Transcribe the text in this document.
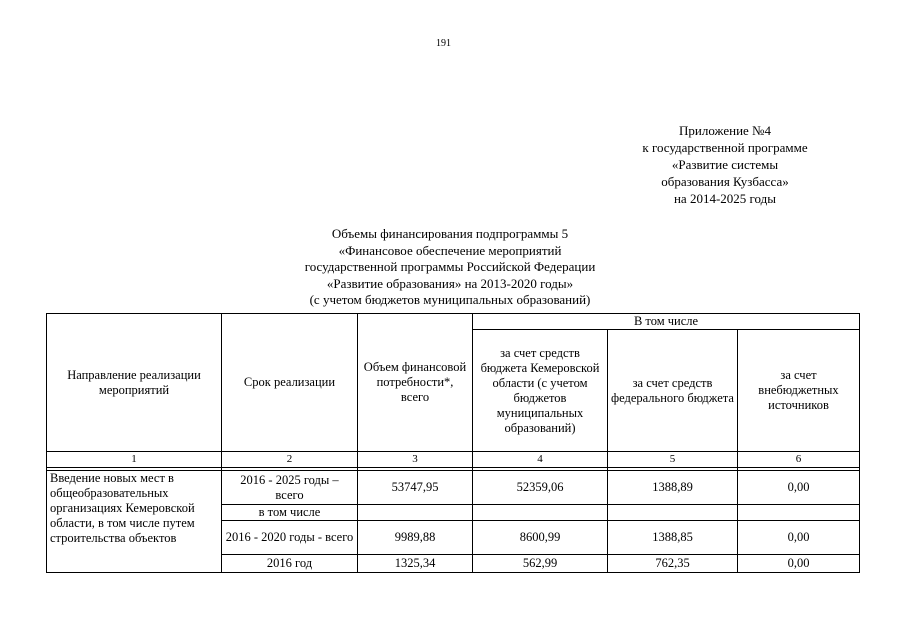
191
Приложение №4
к государственной программе
«Развитие системы
образования Кузбасса»
на 2014-2025 годы
Объемы финансирования подпрограммы 5
«Финансовое обеспечение мероприятий
государственной программы Российской Федерации
«Развитие образования» на 2013-2020 годы»
(с учетом бюджетов муниципальных образований)
Направление реализации мероприятий	Срок реализации	Объем финансовой потребности*, всего	В том числе		
			за счет средств бюджета Кемеровской области (с учетом бюджетов муниципальных образований)	за счет средств федерального бюджета	за счет внебюджетных источников
1	2	3	4	5	6

Введение новых мест в общеобразовательных организациях Кемеровской области, в том числе путем строительства объектов	2016 - 2025 годы – всего	53747,95	52359,06	1388,89	0,00
	в том числе				
	2016 - 2020 годы - всего	9989,88	8600,99	1388,85	0,00
	2016 год	1325,34	562,99	762,35	0,00
